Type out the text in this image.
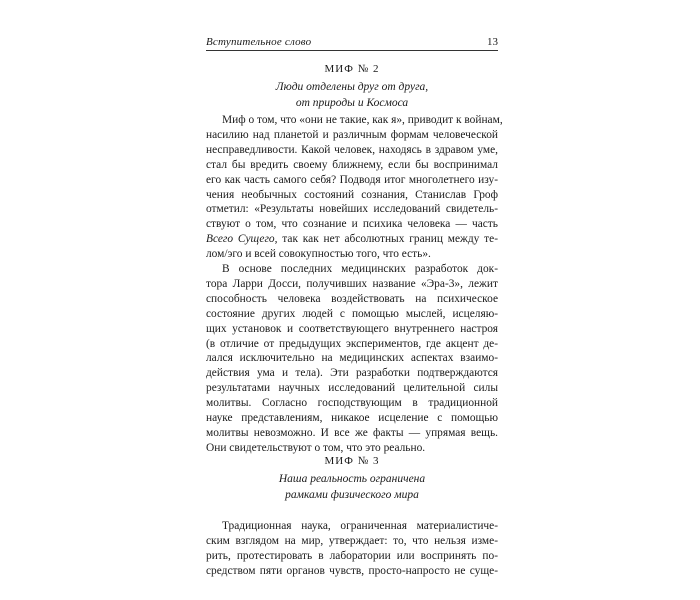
Вступительное слово	13
МИФ № 2

Люди отделены друг от друга,
от природы и Космоса

Миф о том, что «они не такие, как я», приводит к войнам,
насилию над планетой и различным формам человеческой
несправедливости. Какой человек, находясь в здравом уме,
стал бы вредить своему ближнему, если бы воспринимал
его как часть самого себя? Подводя итог многолетнего изу-
чения необычных состояний сознания, Станислав Гроф
отметил: «Результаты новейших исследований свидетель-
ствуют о том, что сознание и психика человека — часть
Всего Сущего, так как нет абсолютных границ между те-
лом/эго и всей совокупностью того, что есть».
В основе последних медицинских разработок док-
тора Ларри Досси, получивших название «Эра-3», лежит
способность человека воздействовать на психическое
состояние других людей с помощью мыслей, исцеляю-
щих установок и соответствующего внутреннего настроя
(в отличие от предыдущих экспериментов, где акцент де-
лался исключительно на медицинских аспектах взаимо-
действия ума и тела). Эти разработки подтверждаются
результатами научных исследований целительной силы
молитвы. Согласно господствующим в традиционной
науке представлениям, никакое исцеление с помощью
молитвы невозможно. И все же факты — упрямая вещь.
Они свидетельствуют о том, что это реально.
МИФ № 3

Наша реальность ограничена
рамками физического мира

Традиционная наука, ограниченная материалистиче-
ским взглядом на мир, утверждает: то, что нельзя изме-
рить, протестировать в лаборатории или воспринять по-
средством пяти органов чувств, просто-напросто не суще-
